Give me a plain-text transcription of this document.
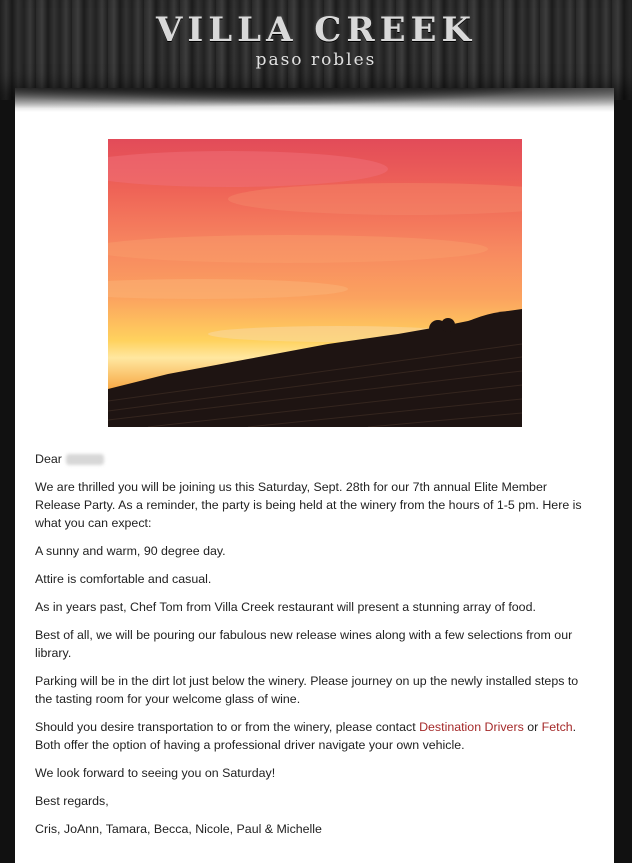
VILLA CREEK
paso robles

Dear

We are thrilled you will be joining us this Saturday, Sept. 28th for our 7th annual Elite Member Release Party. As a reminder, the party is being held at the winery from the hours of 1-5 pm. Here is what you can expect:

A sunny and warm, 90 degree day.

Attire is comfortable and casual.

As in years past, Chef Tom from Villa Creek restaurant will present a stunning array of food.

Best of all, we will be pouring our fabulous new release wines along with a few selections from our library.

Parking will be in the dirt lot just below the winery. Please journey on up the newly installed steps to the tasting room for your welcome glass of wine.

Should you desire transportation to or from the winery, please contact Destination Drivers or Fetch. Both offer the option of having a professional driver navigate your own vehicle.

We look forward to seeing you on Saturday!

Best regards,

Cris, JoAnn, Tamara, Becca, Nicole, Paul & Michelle
